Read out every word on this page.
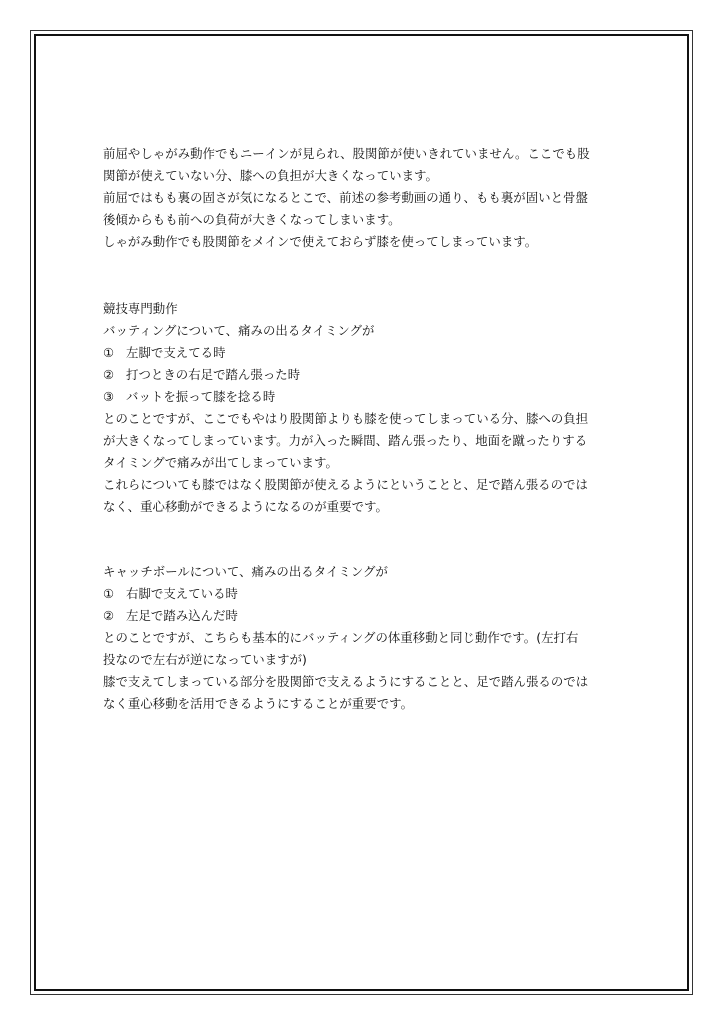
前屈やしゃがみ動作でもニーインが見られ、股関節が使いきれていません。ここでも股
関節が使えていない分、膝への負担が大きくなっています。
前屈ではもも裏の固さが気になるとこで、前述の参考動画の通り、もも裏が固いと骨盤
後傾からもも前への負荷が大きくなってしまいます。
しゃがみ動作でも股関節をメインで使えておらず膝を使ってしまっています。
競技専門動作
バッティングについて、痛みの出るタイミングが
① 左脚で支えてる時
② 打つときの右足で踏ん張った時
③ バットを振って膝を捻る時
とのことですが、ここでもやはり股関節よりも膝を使ってしまっている分、膝への負担
が大きくなってしまっています。力が入った瞬間、踏ん張ったり、地面を蹴ったりする
タイミングで痛みが出てしまっています。
これらについても膝ではなく股関節が使えるようにということと、足で踏ん張るのでは
なく、重心移動ができるようになるのが重要です。
キャッチボールについて、痛みの出るタイミングが
① 右脚で支えている時
② 左足で踏み込んだ時
とのことですが、こちらも基本的にバッティングの体重移動と同じ動作です。(左打右
投なので左右が逆になっていますが)
膝で支えてしまっている部分を股関節で支えるようにすることと、足で踏ん張るのでは
なく重心移動を活用できるようにすることが重要です。
